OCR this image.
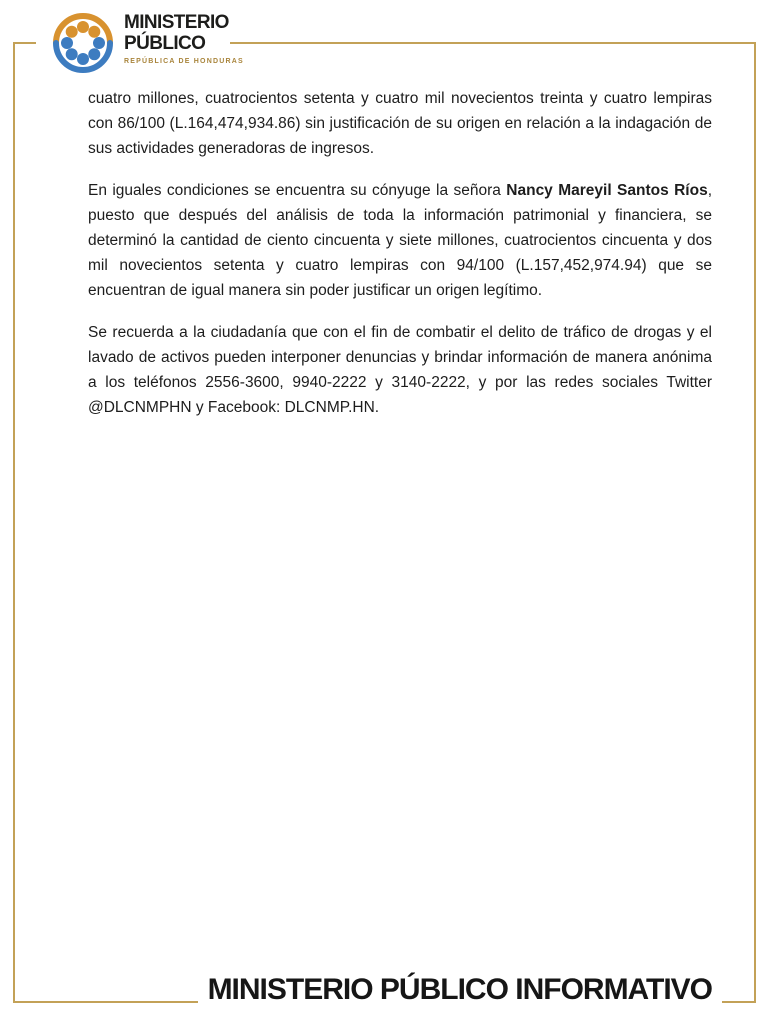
MINISTERIO
PÚBLICO
REPÚBLICA DE HONDURAS

cuatro millones, cuatrocientos setenta y cuatro mil novecientos treinta y cuatro lempiras con 86/100 (L.164,474,934.86) sin justificación de su origen en relación a la indagación de sus actividades generadoras de ingresos.

En iguales condiciones se encuentra su cónyuge la señora Nancy Mareyil Santos Ríos, puesto que después del análisis de toda la información patrimonial y financiera, se determinó la cantidad de ciento cincuenta y siete millones, cuatrocientos cincuenta y dos mil novecientos setenta y cuatro lempiras con 94/100 (L.157,452,974.94) que se encuentran de igual manera sin poder justificar un origen legítimo.

Se recuerda a la ciudadanía que con el fin de combatir el delito de tráfico de drogas y el lavado de activos pueden interponer denuncias y brindar información de manera anónima a los teléfonos 2556-3600, 9940-2222 y 3140-2222, y por las redes sociales Twitter @DLCNMPHN y Facebook: DLCNMP.HN.

MINISTERIO PÚBLICO INFORMATIVO
